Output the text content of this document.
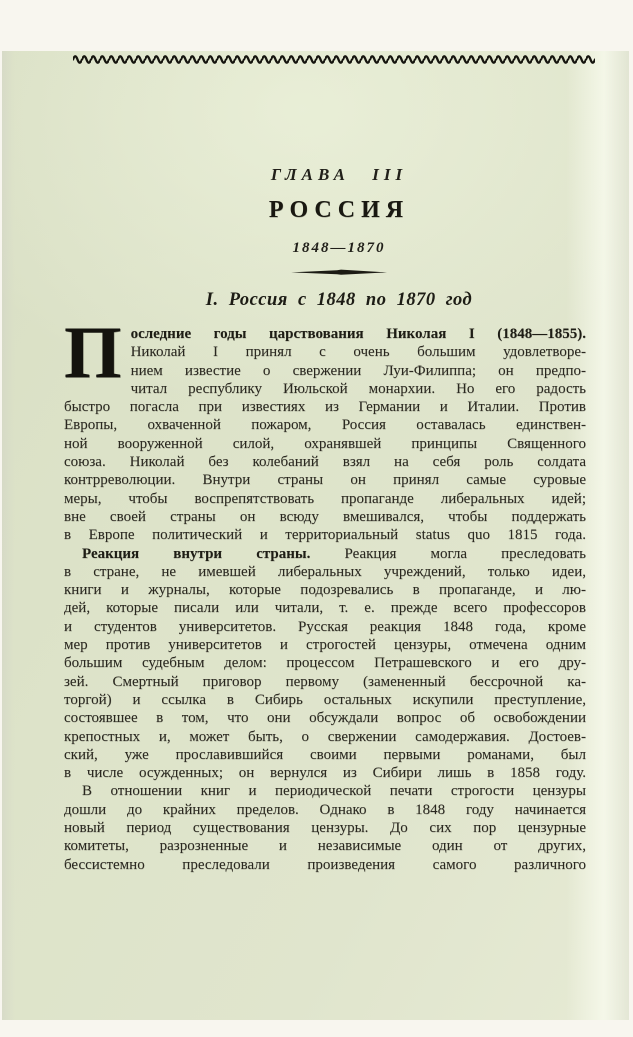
ГЛАВА III
РОССИЯ
1848—1870
I. Россия с 1848 по 1870 год
П оследние годы царствования Николая I (1848—1855).
Николай I принял с очень большим удовлетворе-
нием известие о свержении Луи-Филиппа; он предпо-
читал республику Июльской монархии. Но его радость
быстро погасла при известиях из Германии и Италии. Против
Европы, охваченной пожаром, Россия оставалась единствен-
ной вооруженной силой, охранявшей принципы Священного
союза. Николай без колебаний взял на себя роль солдата
контрреволюции. Внутри страны он принял самые суровые
меры, чтобы воспрепятствовать пропаганде либеральных идей;
вне своей страны он всюду вмешивался, чтобы поддержать
в Европе политический и территориальный status quo 1815 года.
Реакция внутри страны. Реакция могла преследовать
в стране, не имевшей либеральных учреждений, только идеи,
книги и журналы, которые подозревались в пропаганде, и лю-
дей, которые писали или читали, т. е. прежде всего профессоров
и студентов университетов. Русская реакция 1848 года, кроме
мер против университетов и строгостей цензуры, отмечена одним
большим судебным делом: процессом Петрашевского и его дру-
зей. Смертный приговор первому (замененный бессрочной ка-
торгой) и ссылка в Сибирь остальных искупили преступление,
состоявшее в том, что они обсуждали вопрос об освобождении
крепостных и, может быть, о свержении самодержавия. Достоев-
ский, уже прославившийся своими первыми романами, был
в числе осужденных; он вернулся из Сибири лишь в 1858 году.
В отношении книг и периодической печати строгости цензуры
дошли до крайних пределов. Однако в 1848 году начинается
новый период существования цензуры. До сих пор цензурные
комитеты, разрозненные и независимые один от других,
бессистемно преследовали произведения самого различного
